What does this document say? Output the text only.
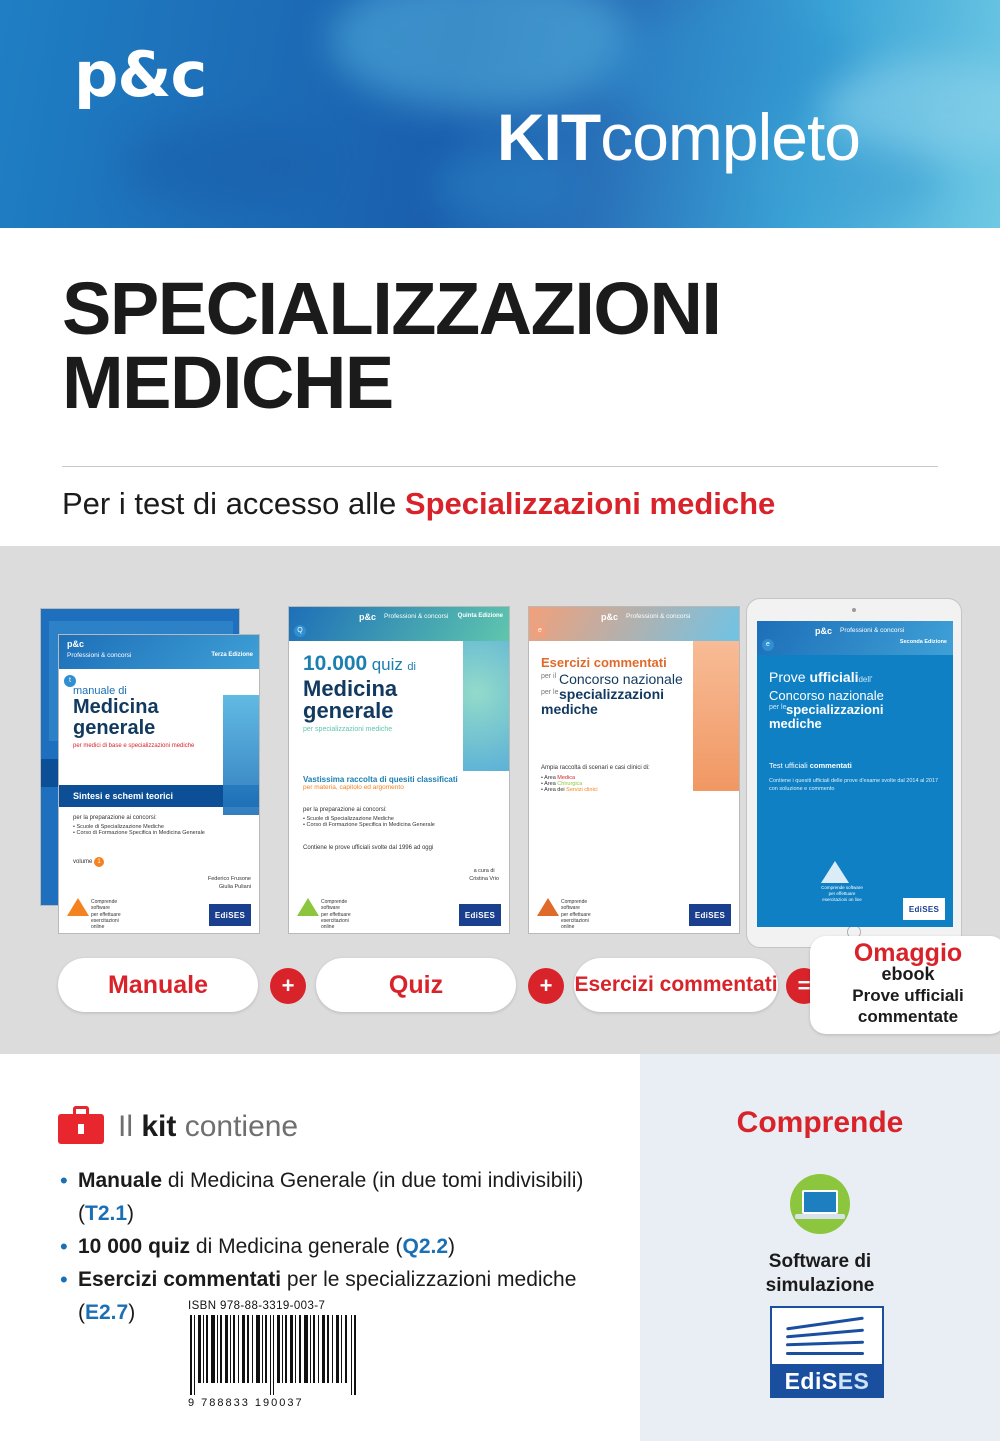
p&c
KITcompleto
SPECIALIZZAZIONI
MEDICHE
Per i test di accesso alle Specializzazioni mediche
p&c
Professioni & concorsi	Terza Edizione
t
manuale di
Medicina
generale
per medici di base e specializzazioni mediche
Sintesi e schemi teorici
per la preparazione ai concorsi:
• Scuole di Specializzazione Mediche
• Corso di Formazione Specifica in Medicina Generale
volume 1
Federico Frusone
Giulia Puliani
Comprende software
per effettuare
esercitazioni online
EdiSES
p&c Professioni & concorsi Quinta Edizione
Q
10.000 quiz di
Medicina
generale
per specializzazioni mediche
Vastissima raccolta di quesiti classificati
per materia, capitolo ed argomento
per la preparazione ai concorsi:
• Scuole di Specializzazione Mediche
• Corso di Formazione Specifica in Medicina Generale
Contiene le prove ufficiali svolte dal 1996 ad oggi
a cura di
Cristina Vrio
Comprende software
per effettuare
esercitazioni online
EdiSES
p&c Professioni & concorsi
e
Esercizi commentati
per il Concorso nazionale
per le specializzazioni
mediche
Ampia raccolta di scenari e casi clinici di:
• Area Medica
• Area Chirurgica
• Area dei Servizi clinici
Comprende software
per effettuare
esercitazioni online
EdiSES
p&c Professioni & concorsi
Seconda Edizione
e
Prove ufficialidell'
Concorso nazionale
per le specializzazioni
mediche
Test ufficiali commentati
Contiene i quesiti ufficiali delle prove d'esame svolte dal 2014 al 2017 con soluzione e commento
Comprende software
per effettuare
esercitazioni on line
EdiSES
Manuale	+	Quiz	+	Esercizi commentati =
Omaggio
ebook
Prove ufficiali
commentate
Il kit contiene
• Manuale di Medicina Generale (in due tomi indivisibili) (T2.1)
• 10 000 quiz di Medicina generale (Q2.2)
• Esercizi commentati per le specializzazioni mediche (E2.7)
Comprende
Software di
simulazione
ISBN 978-88-3319-003-7
9 788833 190037
EdiS ES
